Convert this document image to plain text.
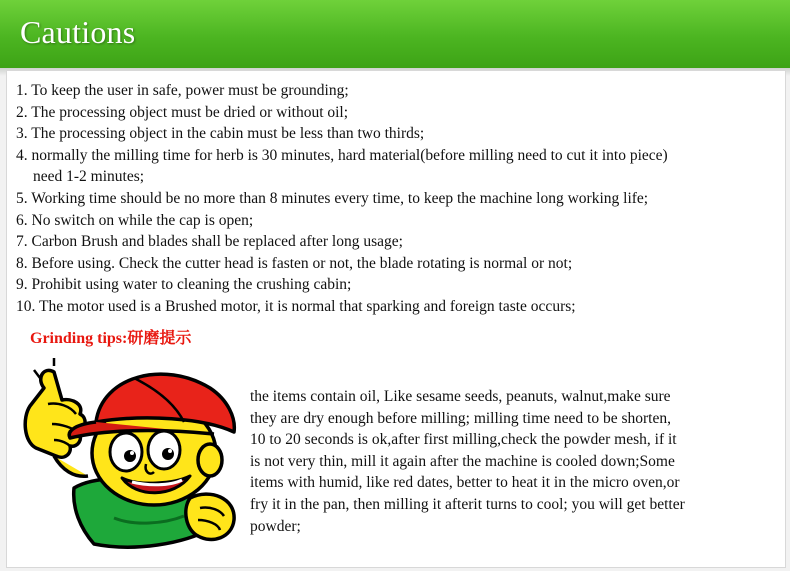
Cautions
1. To keep the user in safe, power must be grounding;
2. The processing object must be dried or without oil;
3. The processing object in the cabin must be less than two thirds;
4. normally the milling time for herb is 30 minutes, hard material(before milling need to cut it into piece)
need 1-2 minutes;
5. Working time should be no more than 8 minutes every time, to keep the machine long working life;
6. No switch on while the cap is open;
7. Carbon Brush and blades shall be replaced after long usage;
8. Before using. Check the cutter head is fasten or not, the blade rotating is normal or not;
9. Prohibit using water to cleaning the crushing cabin;
10. The motor used is a Brushed motor, it is normal that sparking and foreign taste occurs;
Grinding tips:研磨提示
the items contain oil, Like sesame seeds, peanuts, walnut,make sure
they are dry enough before milling; milling time need to be shorten,
10 to 20 seconds is ok,after first milling,check the powder mesh, if it
is not very thin, mill it again after the machine is cooled down;Some
items with humid, like red dates, better to heat it in the micro oven,or
fry it in the pan, then milling it afterit turns to cool; you will get better
powder;
